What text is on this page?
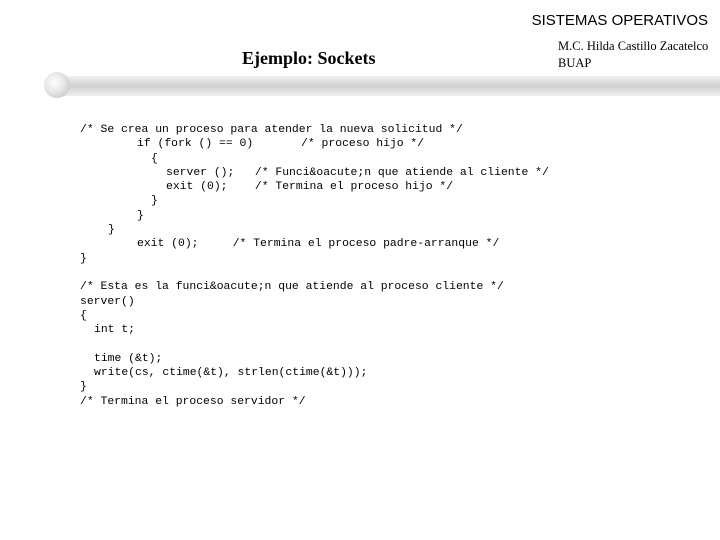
SISTEMAS OPERATIVOS
Ejemplo: Sockets
M.C. Hilda Castillo Zacatelco
BUAP
/* Se crea un proceso para atender la nueva solicitud */
if (fork () == 0)       /* proceso hijo */
{
server ();   /* Funci&oacute;n que atiende al cliente */
exit (0);    /* Termina el proceso hijo */
}
}
}
exit (0);     /* Termina el proceso padre-arranque */
}
/* Esta es la funci&oacute;n que atiende al proceso cliente */
server()
{
int t;
time (&t);
write(cs, ctime(&t), strlen(ctime(&t)));
}
/* Termina el proceso servidor */
